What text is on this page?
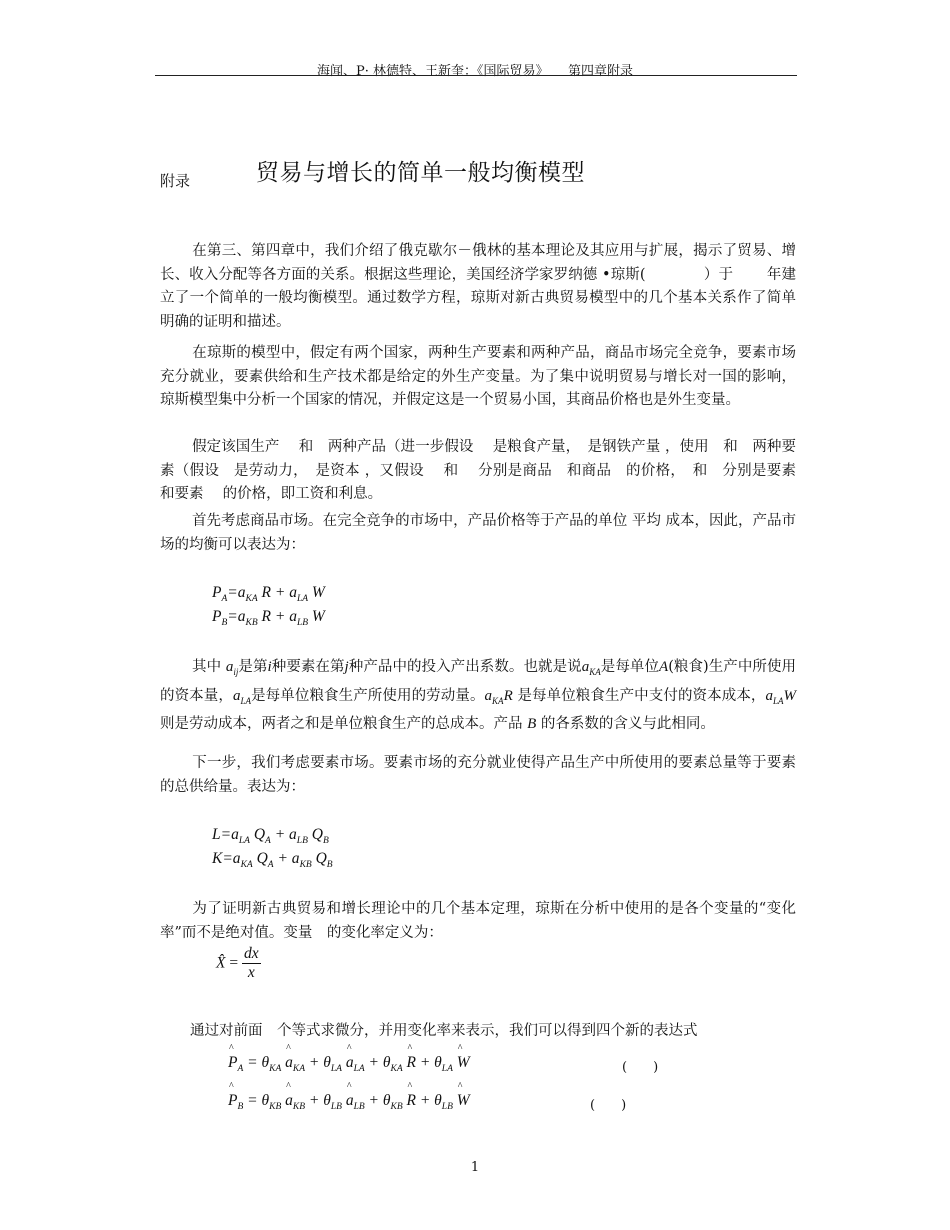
海闻、P· 林德特、王新奎：《国际贸易》　　第四章附录
附录	贸易与增长的简单一般均衡模型
在第三、第四章中，我们介绍了俄克歇尔－俄林的基本理论及其应用与扩展，揭示了贸易、增长、收入分配等各方面的关系。根据这些理论，美国经济学家罗纳德 •琼斯(　　　　）于　　 年建立了一个简单的一般均衡模型。通过数学方程，琼斯对新古典贸易模型中的几个基本关系作了简单明确的证明和描述。
在琼斯的模型中，假定有两个国家，两种生产要素和两种产品，商品市场完全竞争，要素市场充分就业，要素供给和生产技术都是给定的外生产变量。为了集中说明贸易与增长对一国的影响，琼斯模型集中分析一个国家的情况，并假定这是一个贸易小国，其商品价格也是外生变量。
假定该国生产　 和　两种产品（进一步假设　 是粮食产量，　是钢铁产量 ，使用　和　两种要素（假设　是劳动力，　是资本 ，又假设　 和　 分别是商品　和商品　的价格，　和　分别是要素　 和要素　 的价格，即工资和利息。
首先考虑商品市场。在完全竞争的市场中，产品价格等于产品的单位 平均 成本，因此，产品市场的均衡可以表达为：
$P_A=a_{KA}$ $R + a_{LA}$ W
$P_B=a_{KB}$ $R + a_{LB}$ W
其中 $a_{ij}$是第i种要素在第j种产品中的投入产出系数。也就是说$a_{KA}$是每单位A(粮食)生产中所使用的资本量，$a_{LA}$是每单位粮食生产所使用的劳动量。$a_{KA}R$ 是每单位粮食生产中支付的资本成本，$a_{LA}W$ 则是劳动成本，两者之和是单位粮食生产的总成本。产品 B 的各系数的含义与此相同。
下一步，我们考虑要素市场。要素市场的充分就业使得产品生产中所使用的要素总量等于要素的总供给量。表达为：
$L=a_{LA}$ $Q_A + a_{LB}$ $Q_B$
$K=a_{KA}$ $Q_A + a_{KB}$ $Q_B$
为了证明新古典贸易和增长理论中的几个基本定理，琼斯在分析中使用的是各个变量的“变化率”而不是绝对值。变量　的变化率定义为：
X̂ = $\frac{dx}{x}$
通过对前面　个等式求微分，并用变化率来表示，我们可以得到四个新的表达式
^ $P_A = \theta_{KA}$ ^ $a_{KA} + \theta_{LA}$ ^ $a_{LA} + \theta_{KA}$ ^ $R + \theta_{LA}$ ^ W	(　　)
^ $P_B = \theta_{KB}$ ^ $a_{KB} + \theta_{LB}$ ^ $a_{LB} + \theta_{KB}$ ^ $R + \theta_{LB}$ ^ W	(　　)
1
